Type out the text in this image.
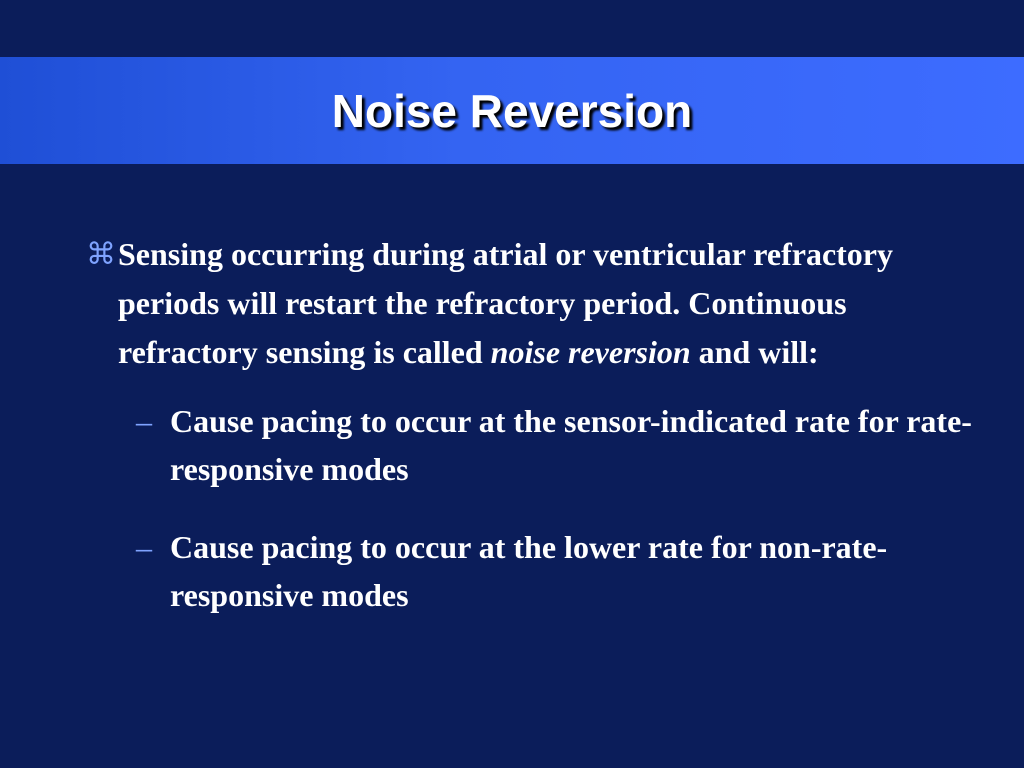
Noise Reversion
⌘ Sensing occurring during atrial or ventricular refractory periods will restart the refractory period. Continuous refractory sensing is called noise reversion and will:
– Cause pacing to occur at the sensor-indicated rate for rate-responsive modes
– Cause pacing to occur at the lower rate for non-rate-responsive modes
